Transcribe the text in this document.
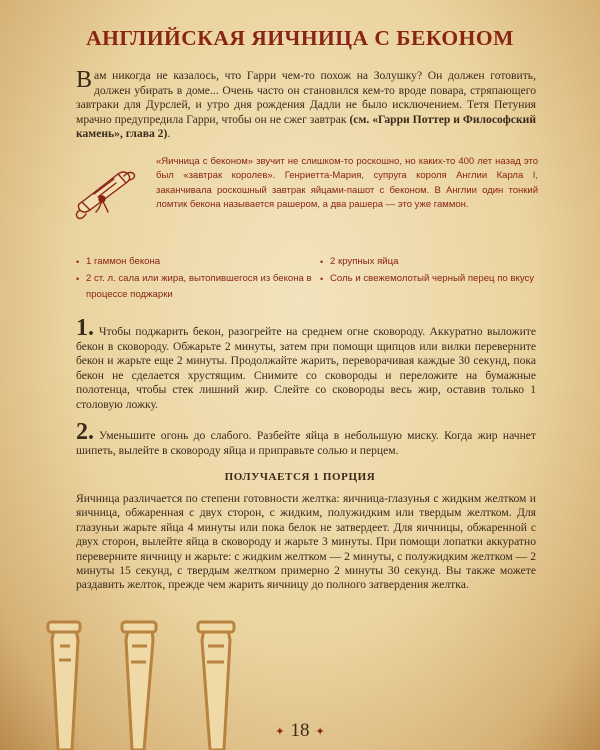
АНГЛИЙСКАЯ ЯИЧНИЦА С БЕКОНОМ
Вам никогда не казалось, что Гарри чем-то похож на Золушку? Он должен готовить, должен убирать в доме... Очень часто он становился кем-то вроде повара, стряпающего завтраки для Дурслей, и утро дня рождения Дадли не было исключением. Тетя Петуния мрачно предупредила Гарри, чтобы он не сжег завтрак (см. «Гарри Поттер и Философский камень», глава 2).
«Яичница с беконом» звучит не слишком-то роскошно, но каких-то 400 лет назад это был «завтрак королев». Генриетта-Мария, супруга короля Англии Карла I, заканчивала роскошный завтрак яйцами-пашот с беконом. В Англии один тонкий ломтик бекона называется рашером, а два рашера — это уже гаммон.

• 1 гаммон бекона

• 2 ст. л. сала или жира, вытопившегося из бекона в процессе поджарки

• 2 крупных яйца

• Соль и свежемолотый черный перец по вкусу

1. Чтобы поджарить бекон, разогрейте на среднем огне сковороду. Аккуратно выложите бекон в сковороду. Обжарьте 2 минуты, затем при помощи щипцов или вилки переверните бекон и жарьте еще 2 минуты. Продолжайте жарить, переворачивая каждые 30 секунд, пока бекон не сделается хрустящим. Снимите со сковороды и переложите на бумажные полотенца, чтобы стек лишний жир. Слейте со сковороды весь жир, оставив только 1 столовую ложку.
2. Уменьшите огонь до слабого. Разбейте яйца в небольшую миску. Когда жир начнет шипеть, вылейте в сковороду яйца и приправьте солью и перцем.
ПОЛУЧАЕТСЯ 1 ПОРЦИЯ
Яичница различается по степени готовности желтка: яичница-глазунья с жидким желтком и яичница, обжаренная с двух сторон, с жидким, полужидким или твердым желтком. Для глазуньи жарьте яйца 4 минуты или пока белок не затвердеет. Для яичницы, обжаренной с двух сторон, вылейте яйца в сковороду и жарьте 3 минуты. При помощи лопатки аккуратно переверните яичницу и жарьте: с жидким желтком — 2 минуты, с полужидким желтком — 2 минуты 15 секунд, с твердым желтком примерно 2 минуты 30 секунд. Вы также можете раздавить желток, прежде чем жарить яичницу до полного затвердения желтка.
✦ 18 ✦
